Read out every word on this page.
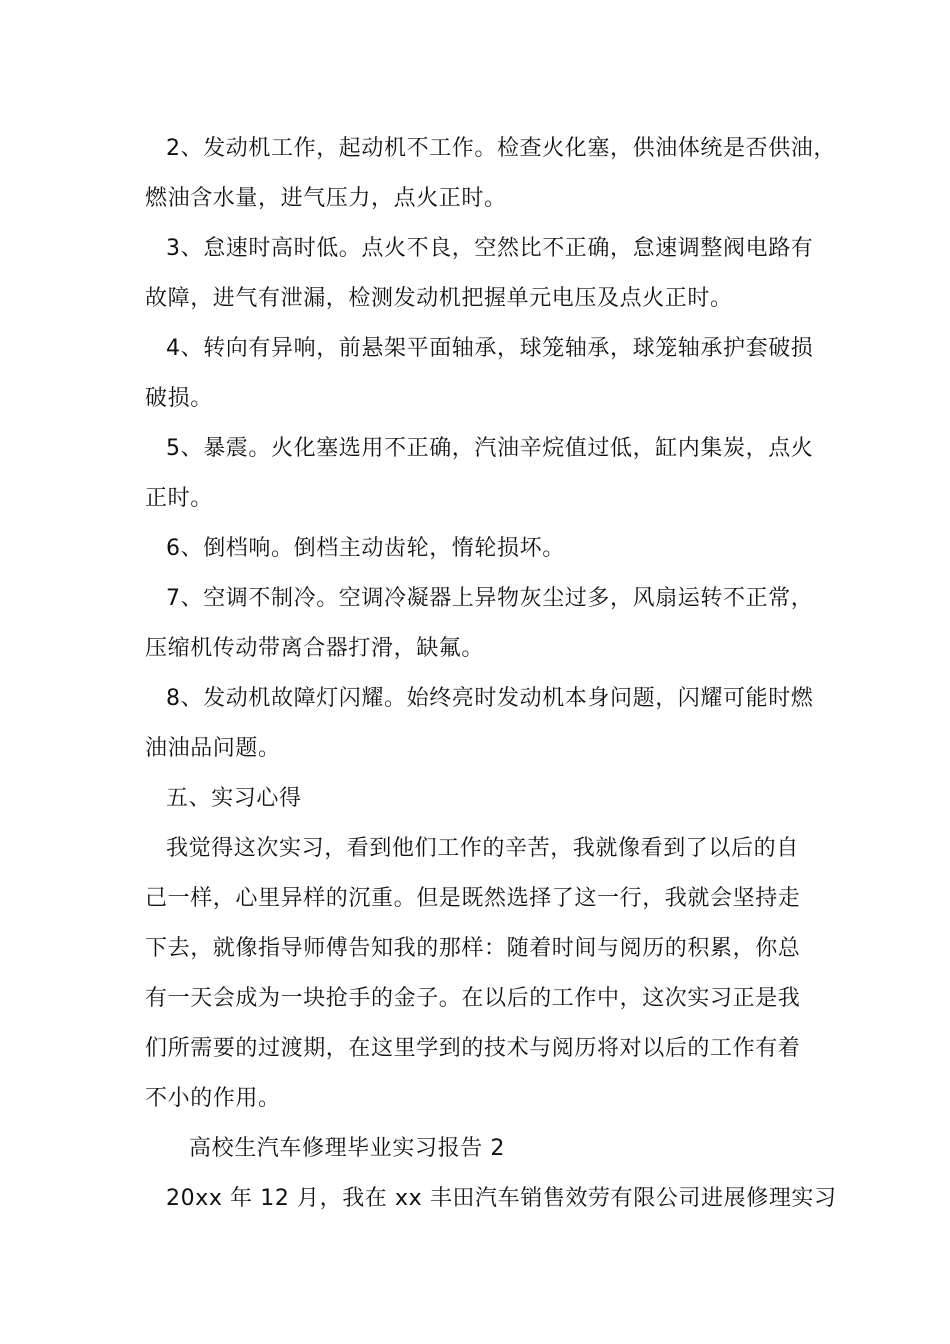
2、发动机工作，起动机不工作。检查火化塞，供油体统是否供油，
燃油含水量，进气压力，点火正时。
3、怠速时高时低。点火不良，空然比不正确，怠速调整阀电路有
故障，进气有泄漏，检测发动机把握单元电压及点火正时。
4、转向有异响，前悬架平面轴承，球笼轴承，球笼轴承护套破损
破损。
5、暴震。火化塞选用不正确，汽油辛烷值过低，缸内集炭，点火
正时。
6、倒档响。倒档主动齿轮，惰轮损坏。
7、空调不制冷。空调冷凝器上异物灰尘过多，风扇运转不正常，
压缩机传动带离合器打滑，缺氟。
8、发动机故障灯闪耀。始终亮时发动机本身问题，闪耀可能时燃
油油品问题。
五、实习心得
我觉得这次实习，看到他们工作的辛苦，我就像看到了以后的自
己一样，心里异样的沉重。但是既然选择了这一行，我就会坚持走
下去，就像指导师傅告知我的那样：随着时间与阅历的积累，你总
有一天会成为一块抢手的金子。在以后的工作中，这次实习正是我
们所需要的过渡期，在这里学到的技术与阅历将对以后的工作有着
不小的作用。
高校生汽车修理毕业实习报告 2
20xx 年 12 月，我在 xx 丰田汽车销售效劳有限公司进展修理实习
